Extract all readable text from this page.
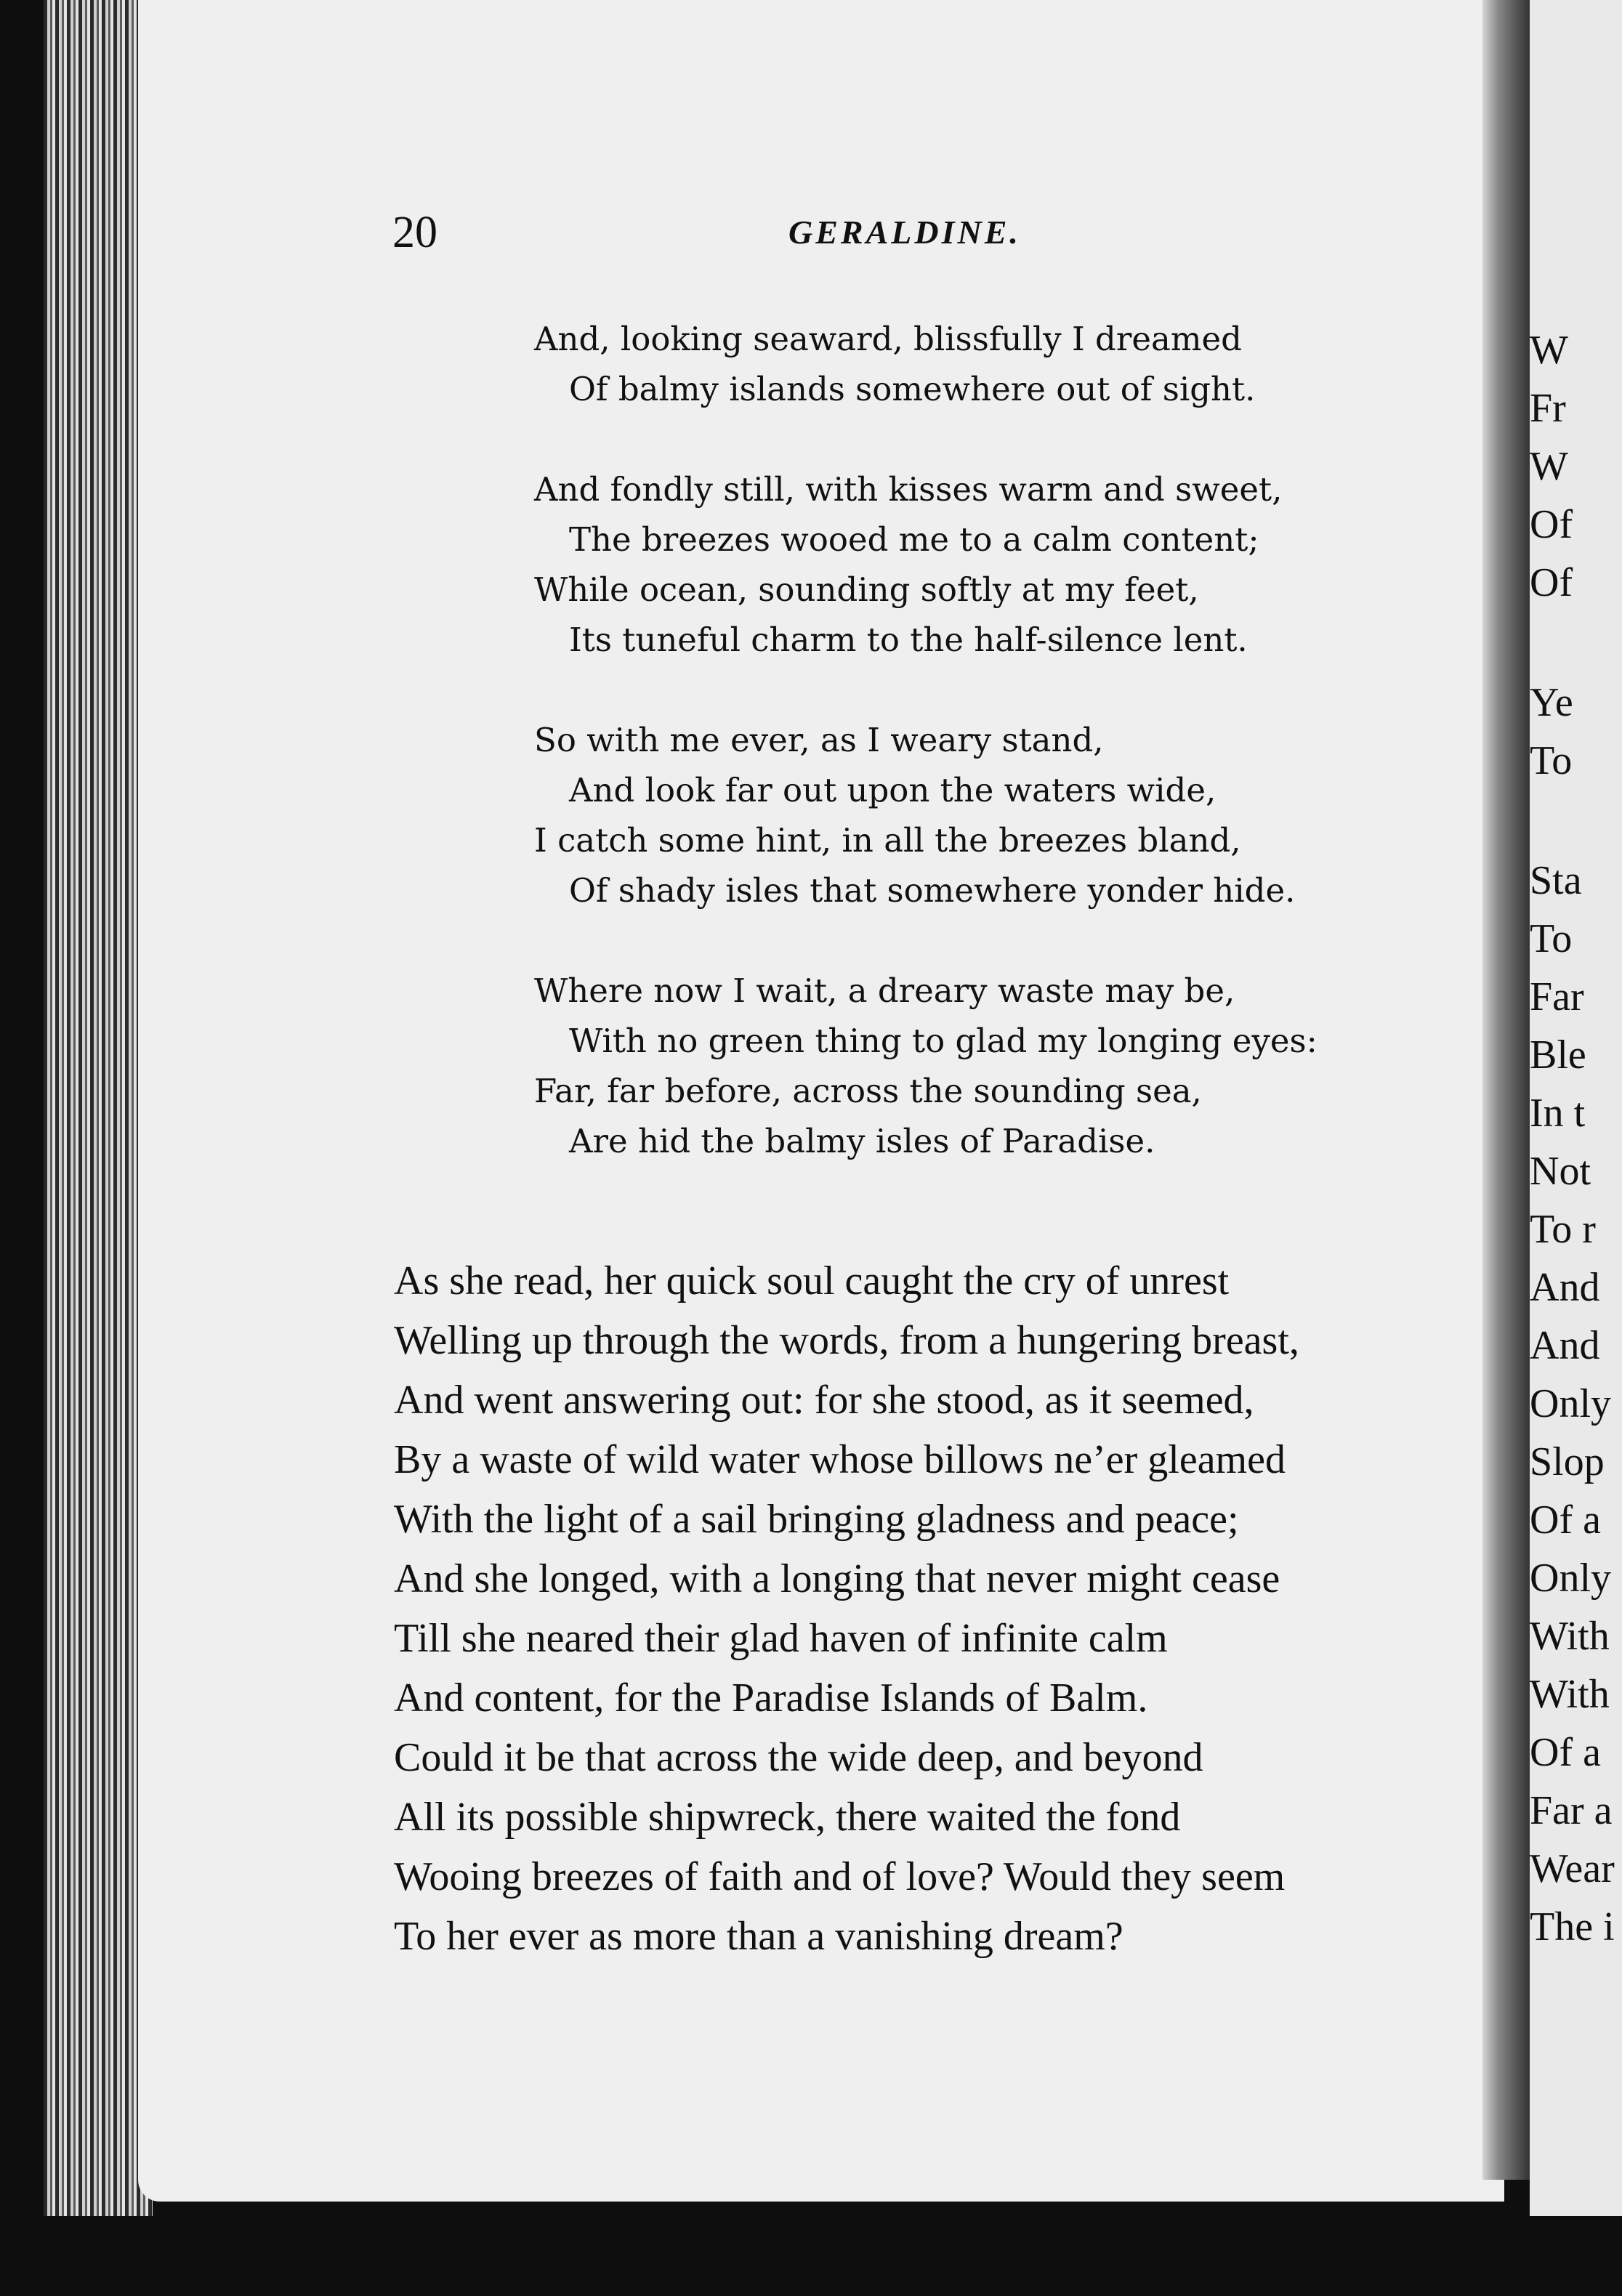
W
Fr
W
Of
Of
Ye
To
Sta
To
Far
Ble
In t
Not
To r
And
And
Only
Slop
Of a
Only
With
With
Of a
Far a
Wear
The i
20	GERALDINE.
And, looking seaward, blissfully I dreamed
Of balmy islands somewhere out of sight.
And fondly still, with kisses warm and sweet,
The breezes wooed me to a calm content;
While ocean, sounding softly at my feet,
Its tuneful charm to the half-silence lent.
So with me ever, as I weary stand,
And look far out upon the waters wide,
I catch some hint, in all the breezes bland,
Of shady isles that somewhere yonder hide.
Where now I wait, a dreary waste may be,
With no green thing to glad my longing eyes:
Far, far before, across the sounding sea,
Are hid the balmy isles of Paradise.
As she read, her quick soul caught the cry of unrest
Welling up through the words, from a hungering breast,
And went answering out: for she stood, as it seemed,
By a waste of wild water whose billows ne’er gleamed
With the light of a sail bringing gladness and peace;
And she longed, with a longing that never might cease
Till she neared their glad haven of infinite calm
And content, for the Paradise Islands of Balm.
Could it be that across the wide deep, and beyond
All its possible shipwreck, there waited the fond
Wooing breezes of faith and of love? Would they seem
To her ever as more than a vanishing dream?
